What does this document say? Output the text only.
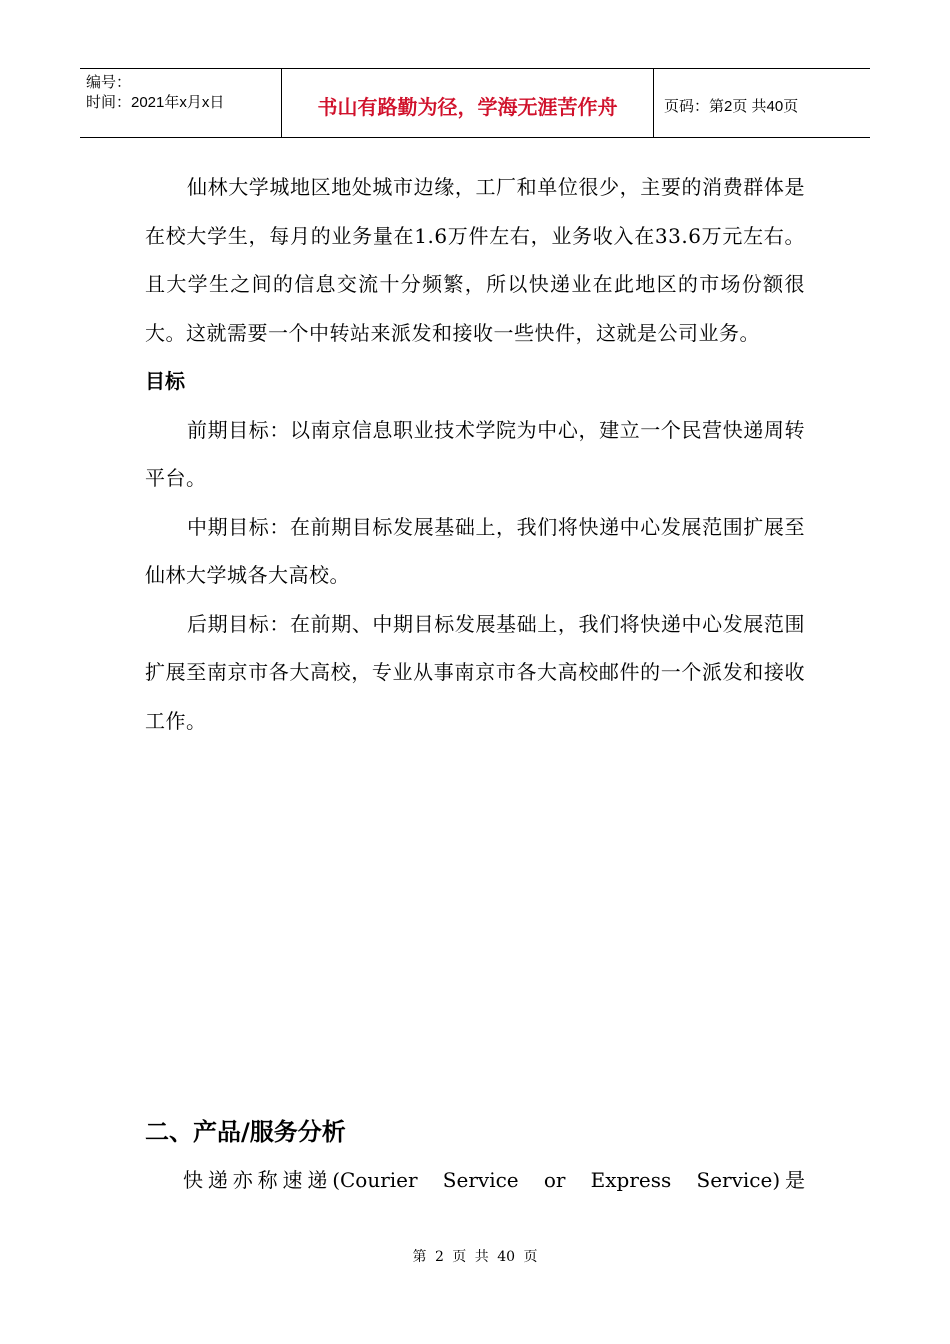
编号：
时间：2021年x月x日	书山有路勤为径，学海无涯苦作舟	页码：第2页 共40页

仙林大学城地区地处城市边缘，工厂和单位很少，主要的消费群体是在校大学生，每月的业务量在1.6万件左右，业务收入在33.6万元左右。且大学生之间的信息交流十分频繁，所以快递业在此地区的市场份额很大。这就需要一个中转站来派发和接收一些快件，这就是公司业务。

目标

前期目标：以南京信息职业技术学院为中心，建立一个民营快递周转平台。

中期目标：在前期目标发展基础上，我们将快递中心发展范围扩展至仙林大学城各大高校。

后期目标：在前期、中期目标发展基础上，我们将快递中心发展范围扩展至南京市各大高校，专业从事南京市各大高校邮件的一个派发和接收工作。

二、产品/服务分析

快递亦称速递(Courier Service or Express Service)是

第 2 页 共 40 页
